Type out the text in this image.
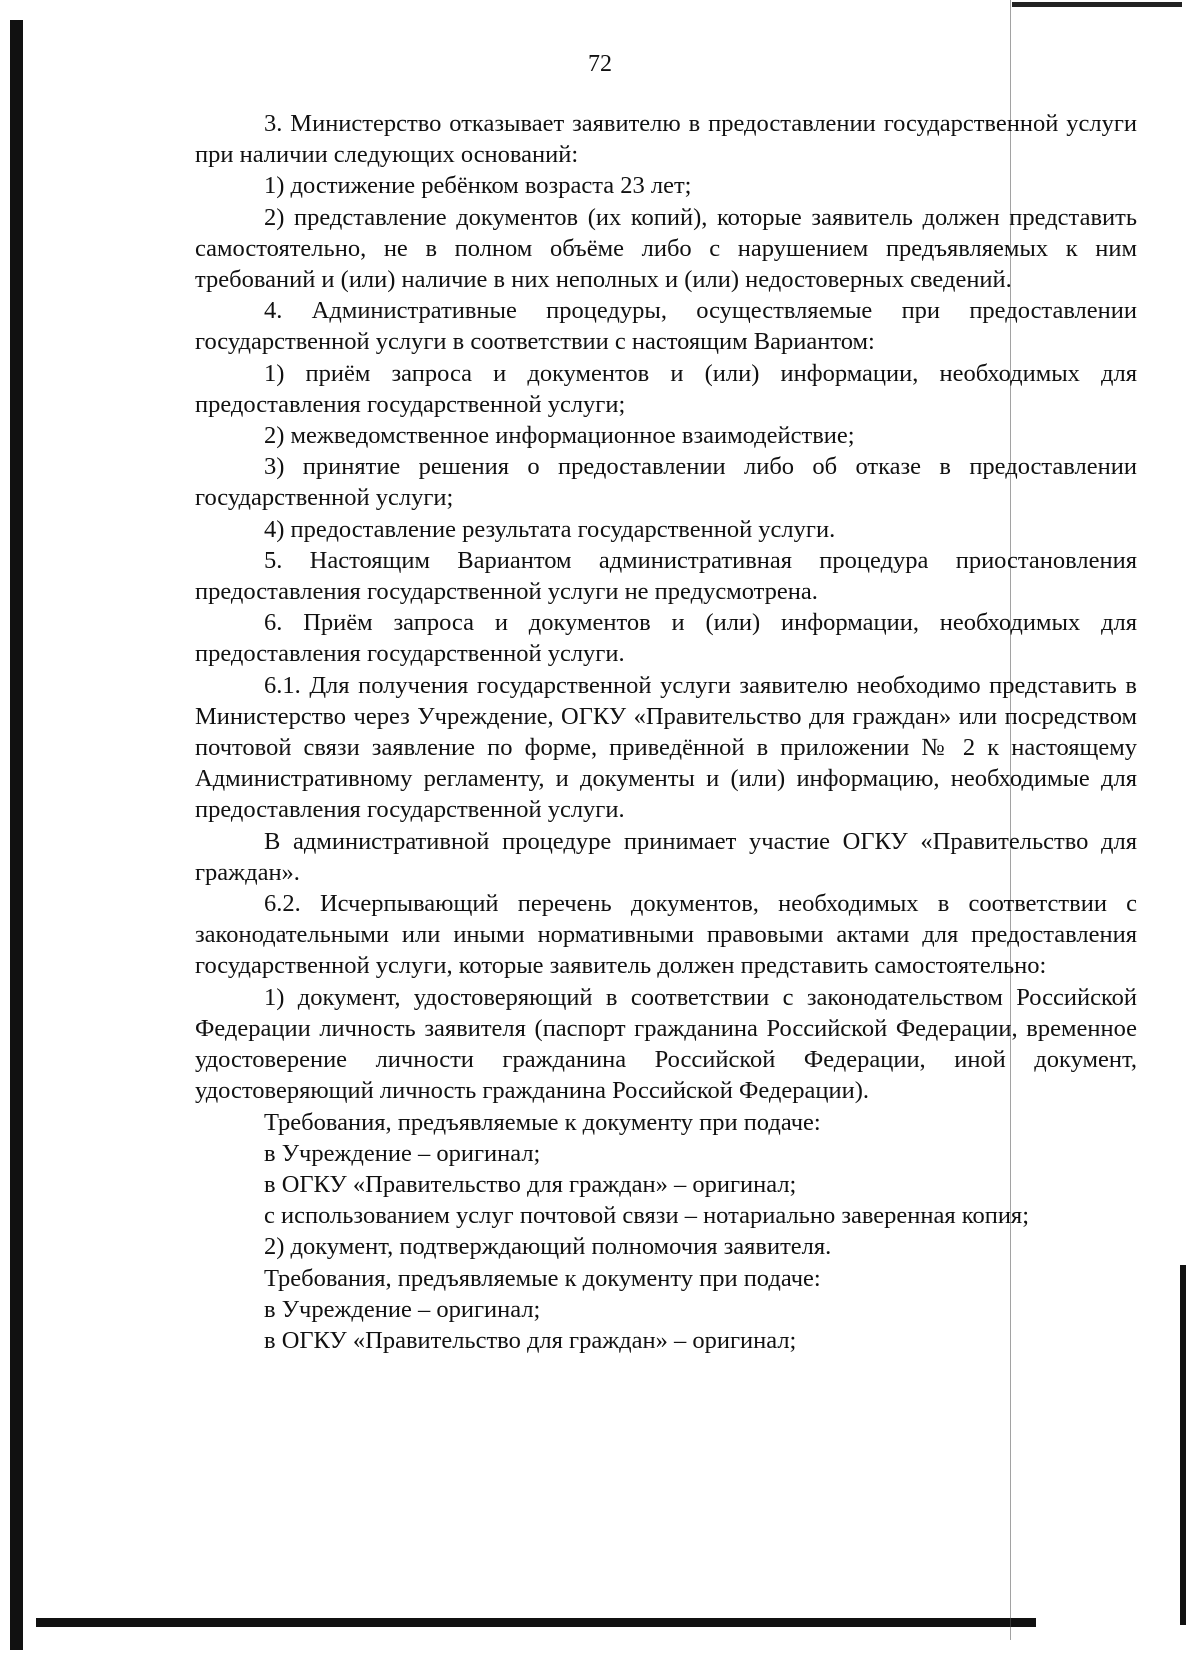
72

3. Министерство отказывает заявителю в предоставлении государственной услуги при наличии следующих оснований:

1) достижение ребёнком возраста 23 лет;

2) представление документов (их копий), которые заявитель должен представить самостоятельно, не в полном объёме либо с нарушением предъявляемых к ним требований и (или) наличие в них неполных и (или) недостоверных сведений.

4. Административные процедуры, осуществляемые при предоставлении государственной услуги в соответствии с настоящим Вариантом:

1) приём запроса и документов и (или) информации, необходимых для предоставления государственной услуги;

2) межведомственное информационное взаимодействие;

3) принятие решения о предоставлении либо об отказе в предоставлении государственной услуги;

4) предоставление результата государственной услуги.

5. Настоящим Вариантом административная процедура приостановления предоставления государственной услуги не предусмотрена.

6. Приём запроса и документов и (или) информации, необходимых для предоставления государственной услуги.

6.1. Для получения государственной услуги заявителю необходимо представить в Министерство через Учреждение, ОГКУ «Правительство для граждан» или посредством почтовой связи заявление по форме, приведённой в приложении № 2 к настоящему Административному регламенту, и документы и (или) информацию, необходимые для предоставления государственной услуги.

В административной процедуре принимает участие ОГКУ «Правительство для граждан».

6.2. Исчерпывающий перечень документов, необходимых в соответствии с законодательными или иными нормативными правовыми актами для предоставления государственной услуги, которые заявитель должен представить самостоятельно:

1) документ, удостоверяющий в соответствии с законодательством Российской Федерации личность заявителя (паспорт гражданина Российской Федерации, временное удостоверение личности гражданина Российской Федерации, иной документ, удостоверяющий личность гражданина Российской Федерации).

Требования, предъявляемые к документу при подаче:

в Учреждение – оригинал;

в ОГКУ «Правительство для граждан» – оригинал;

с использованием услуг почтовой связи – нотариально заверенная копия;

2) документ, подтверждающий полномочия заявителя.

Требования, предъявляемые к документу при подаче:

в Учреждение – оригинал;

в ОГКУ «Правительство для граждан» – оригинал;
